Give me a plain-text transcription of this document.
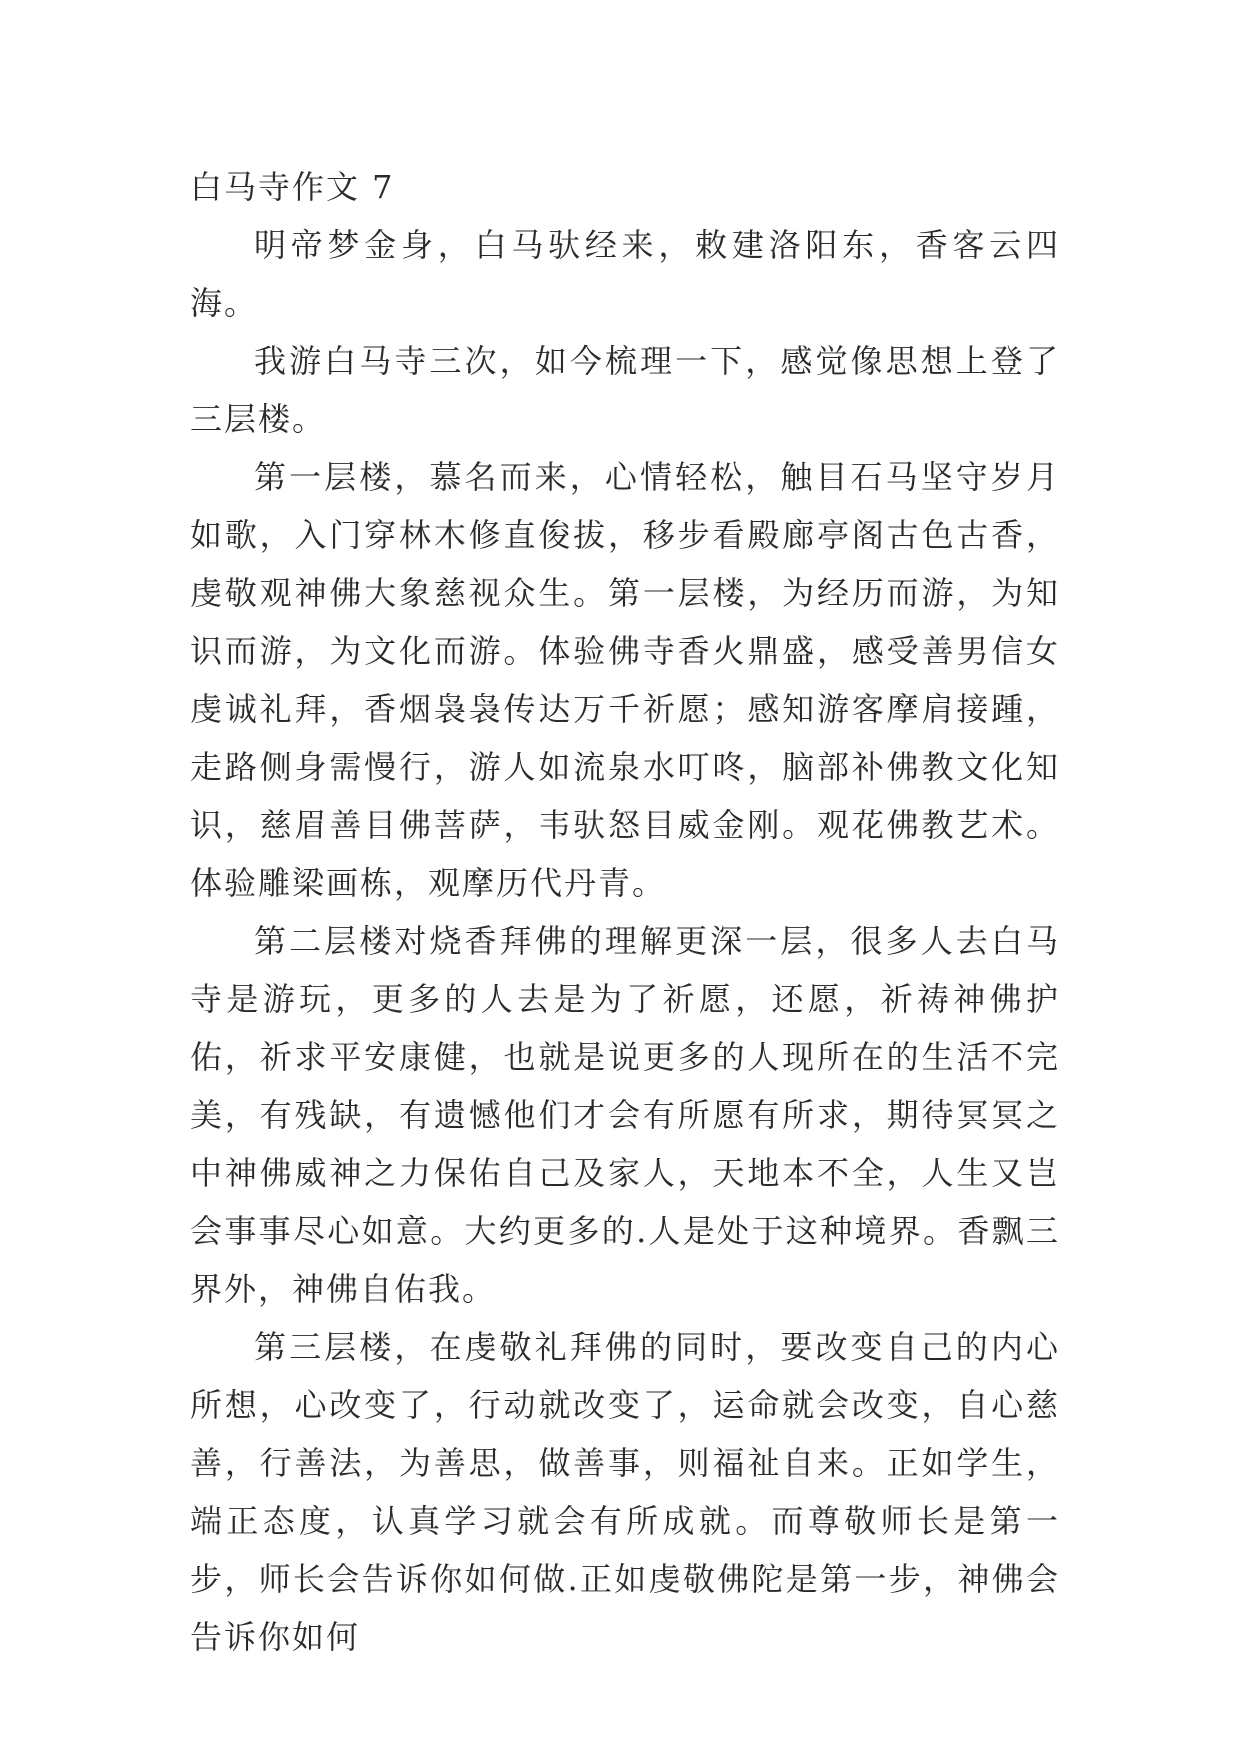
白马寺作文 7

明帝梦金身，白马驮经来，敕建洛阳东，香客云四海。

我游白马寺三次，如今梳理一下，感觉像思想上登了三层楼。

第一层楼，慕名而来，心情轻松，触目石马坚守岁月如歌，入门穿林木修直俊拔，移步看殿廊亭阁古色古香，虔敬观神佛大象慈视众生。第一层楼，为经历而游，为知识而游，为文化而游。体验佛寺香火鼎盛，感受善男信女虔诚礼拜，香烟袅袅传达万千祈愿；感知游客摩肩接踵，走路侧身需慢行，游人如流泉水叮咚，脑部补佛教文化知识，慈眉善目佛菩萨，韦驮怒目威金刚。观花佛教艺术。体验雕梁画栋，观摩历代丹青。

第二层楼对烧香拜佛的理解更深一层，很多人去白马寺是游玩，更多的人去是为了祈愿，还愿，祈祷神佛护佑，祈求平安康健，也就是说更多的人现所在的生活不完美，有残缺，有遗憾他们才会有所愿有所求，期待冥冥之中神佛威神之力保佑自己及家人，天地本不全，人生又岂会事事尽心如意。大约更多的.人是处于这种境界。香飘三界外，神佛自佑我。

第三层楼，在虔敬礼拜佛的同时，要改变自己的内心所想，心改变了，行动就改变了，运命就会改变，自心慈善，行善法，为善思，做善事，则福祉自来。正如学生，端正态度，认真学习就会有所成就。而尊敬师长是第一步，师长会告诉你如何做.正如虔敬佛陀是第一步，神佛会告诉你如何
